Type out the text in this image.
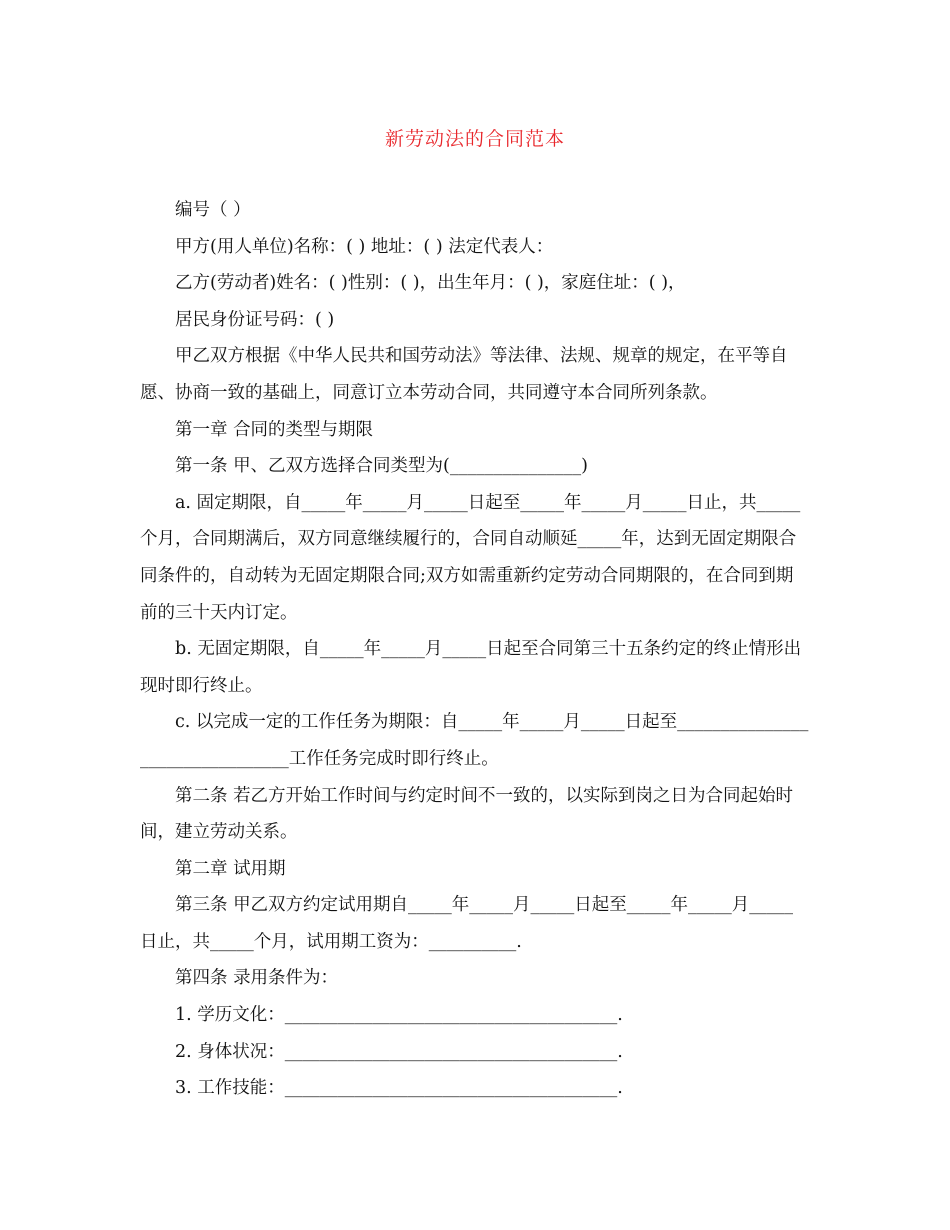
新劳动法的合同范本

编号（ ）

甲方(用人单位)名称：( ) 地址：( ) 法定代表人：

乙方(劳动者)姓名：( )性别：( )，出生年月：( )，家庭住址：( )，

居民身份证号码：( )

甲乙双方根据《中华人民共和国劳动法》等法律、法规、规章的规定，在平等自愿、协商一致的基础上，同意订立本劳动合同，共同遵守本合同所列条款。

第一章 合同的类型与期限

第一条 甲、乙双方选择合同类型为(_______________)

a. 固定期限，自_____年_____月_____日起至_____年_____月_____日止，共_____个月，合同期满后，双方同意继续履行的，合同自动顺延_____年，达到无固定期限合同条件的，自动转为无固定期限合同;双方如需重新约定劳动合同期限的，在合同到期前的三十天内订定。

b. 无固定期限，自_____年_____月_____日起至合同第三十五条约定的终止情形出现时即行终止。

c. 以完成一定的工作任务为期限：自_____年_____月_____日起至________________________________工作任务完成时即行终止。

第二条 若乙方开始工作时间与约定时间不一致的，以实际到岗之日为合同起始时间，建立劳动关系。

第二章 试用期

第三条 甲乙双方约定试用期自_____年_____月_____日起至_____年_____月_____日止，共_____个月，试用期工资为：__________.

第四条 录用条件为：

1. 学历文化：______________________________________.

2. 身体状况：______________________________________.

3. 工作技能：______________________________________.
